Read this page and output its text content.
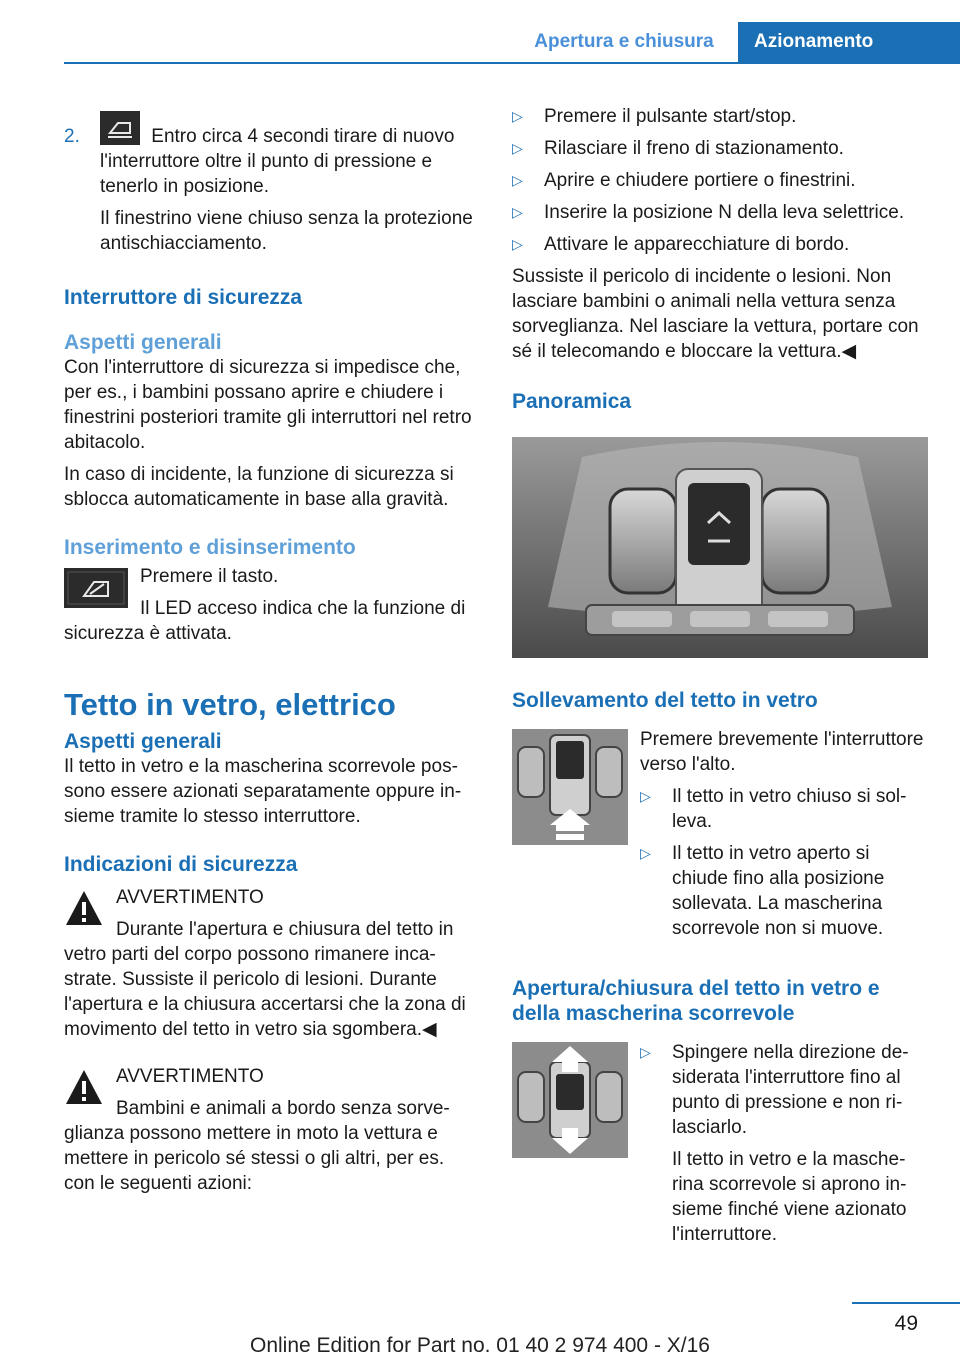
Apertura e chiusura	Azionamento
2.	Entro circa 4 secondi tirare di nuovo l'interruttore oltre il punto di pressione e tenerlo in posizione.

Il finestrino viene chiuso senza la protezione antischiacciamento.

Interruttore di sicurezza
Aspetti generali

Con l'interruttore di sicurezza si impedisce che, per es., i bambini possano aprire e chiudere i finestrini posteriori tramite gli interruttori nel retro abitacolo.

In caso di incidente, la funzione di sicurezza si sblocca automaticamente in base alla gravità.

Inserimento e disinserimento

Premere il tasto.

Il LED acceso indica che la funzione di sicurezza è attivata.

Tetto in vetro, elettrico
Aspetti generali

Il tetto in vetro e la mascherina scorrevole possono essere azionati separatamente oppure insieme tramite lo stesso interruttore.

Indicazioni di sicurezza

AVVERTIMENTO

Durante l'apertura e chiusura del tetto in vetro parti del corpo possono rimanere incastrate. Sussiste il pericolo di lesioni. Durante l'apertura e la chiusura accertarsi che la zona di movimento del tetto in vetro sia sgombera.◀

AVVERTIMENTO

Bambini e animali a bordo senza sorveglianza possono mettere in moto la vettura e mettere in pericolo sé stessi o gli altri, per es. con le seguenti azioni:

▷ Premere il pulsante start/stop.
▷ Rilasciare il freno di stazionamento.
▷ Aprire e chiudere portiere o finestrini.
▷ Inserire la posizione N della leva selettrice.
▷ Attivare le apparecchiature di bordo.

Sussiste il pericolo di incidente o lesioni. Non lasciare bambini o animali nella vettura senza sorveglianza. Nel lasciare la vettura, portare con sé il telecomando e bloccare la vettura.◀

Panoramica
Sollevamento del tetto in vetro

Premere brevemente l'interruttore verso l'alto.

▷ Il tetto in vetro chiuso si solleva.
▷ Il tetto in vetro aperto si chiude fino alla posizione sollevata. La mascherina scorrevole non si muove.
Apertura/chiusura del tetto in vetro e della mascherina scorrevole
▷ Spingere nella direzione desiderata l'interruttore fino al punto di pressione e non rilasciarlo.

Il tetto in vetro e la mascherina scorrevole si aprono insieme finché viene azionato l'interruttore.

49
Online Edition for Part no. 01 40 2 974 400 - X/16
